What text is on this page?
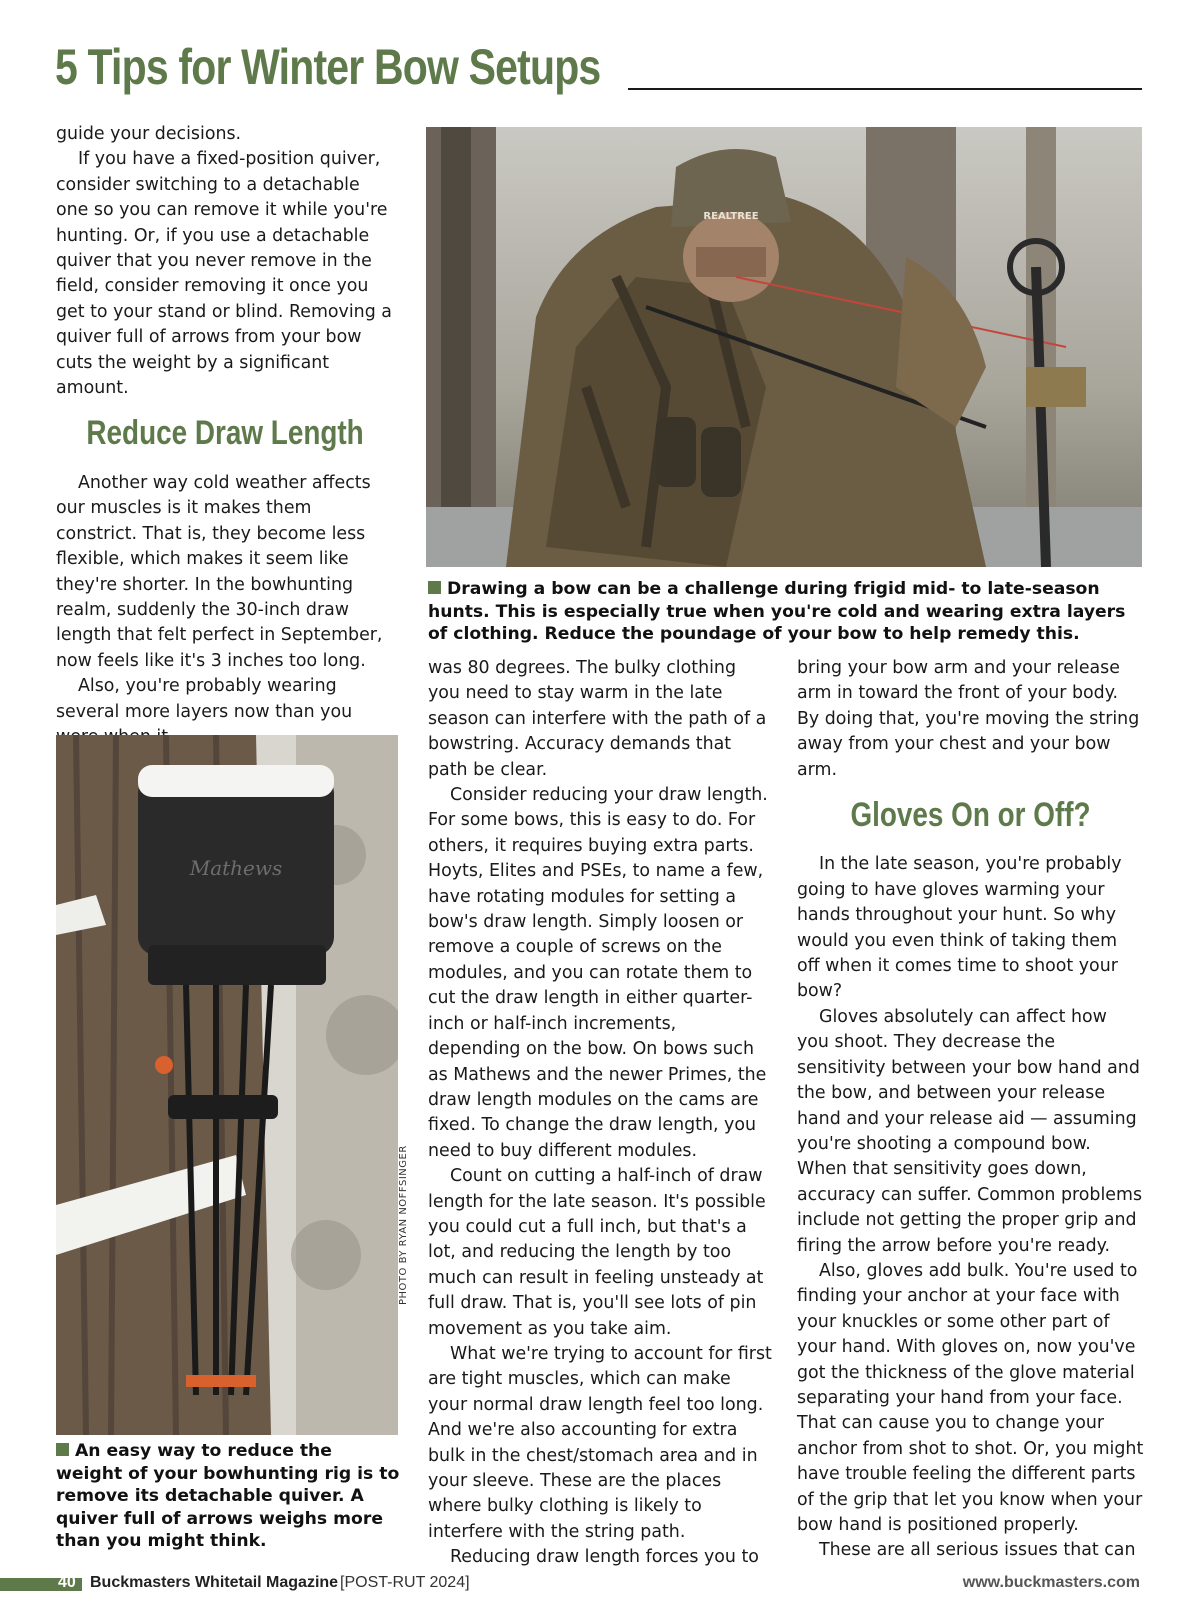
5 Tips for Winter Bow Setups

guide your decisions.

If you have a fixed-position quiver, consider switching to a detachable one so you can remove it while you're hunting. Or, if you use a detachable quiver that you never remove in the field, consider removing it once you get to your stand or blind. Removing a quiver full of arrows from your bow cuts the weight by a significant amount.

Reduce Draw Length

Another way cold weather affects our muscles is it makes them constrict. That is, they become less flexible, which makes it seem like they're shorter. In the bowhunting realm, suddenly the 30-inch draw length that felt perfect in September, now feels like it's 3 inches too long.

Also, you're probably wearing several more layers now than you

REALTREE
Drawing a bow can be a challenge during frigid mid- to late-season hunts. This is especially true when you're cold and wearing extra layers of clothing. Reduce the poundage of your bow to help remedy this.
Mathews
PHOTO BY RYAN NOFFSINGER
An easy way to reduce the weight of your bowhunting rig is to remove its detachable quiver. A quiver full of arrows weighs more than you might think.

was 80 degrees. The bulky clothing you need to stay warm in the late season can interfere with the path of a bowstring. Accuracy demands that path be clear.

Consider reducing your draw length. For some bows, this is easy to do. For others, it requires buying extra parts. Hoyts, Elites and PSEs, to name a few, have rotating modules for setting a bow's draw length. Simply loosen or remove a couple of screws on the modules, and you can rotate them to cut the draw length in either quarter-inch or half-inch increments, depending on the bow. On bows such as Mathews and the newer Primes, the draw length modules on the cams are fixed. To change the draw length, you need to buy different modules.

Count on cutting a half-inch of draw length for the late season. It's possible you could cut a full inch, but that's a lot, and reducing the length by too much can result in feeling unsteady at full draw. That is, you'll see lots of pin movement as you take aim.

What we're trying to account for first are tight muscles, which can make your normal draw length feel too long. And we're also accounting for extra bulk in the chest/stomach area and in your sleeve. These are the places where bulky clothing is likely to interfere with the string path.

Reducing draw length forces you to

bring your bow arm and your release arm in toward the front of your body. By doing that, you're moving the string away from your chest and your bow arm.

Gloves On or Off?

In the late season, you're probably going to have gloves warming your hands throughout your hunt. So why would you even think of taking them off when it comes time to shoot your bow?

Gloves absolutely can affect how you shoot. They decrease the sensitivity between your bow hand and the bow, and between your release hand and your release aid — assuming you're shooting a compound bow. When that sensitivity goes down, accuracy can suffer. Common problems include not getting the proper grip and firing the arrow before you're ready.

Also, gloves add bulk. You're used to finding your anchor at your face with your knuckles or some other part of your hand. With gloves on, now you've got the thickness of the glove material separating your hand from your face. That can cause you to change your anchor from shot to shot. Or, you might have trouble feeling the different parts of the grip that let you know when your bow hand is positioned properly.

These are all serious issues that can

40 Buckmasters Whitetail Magazine [POST-RUT 2024]	www.buckmasters.com
